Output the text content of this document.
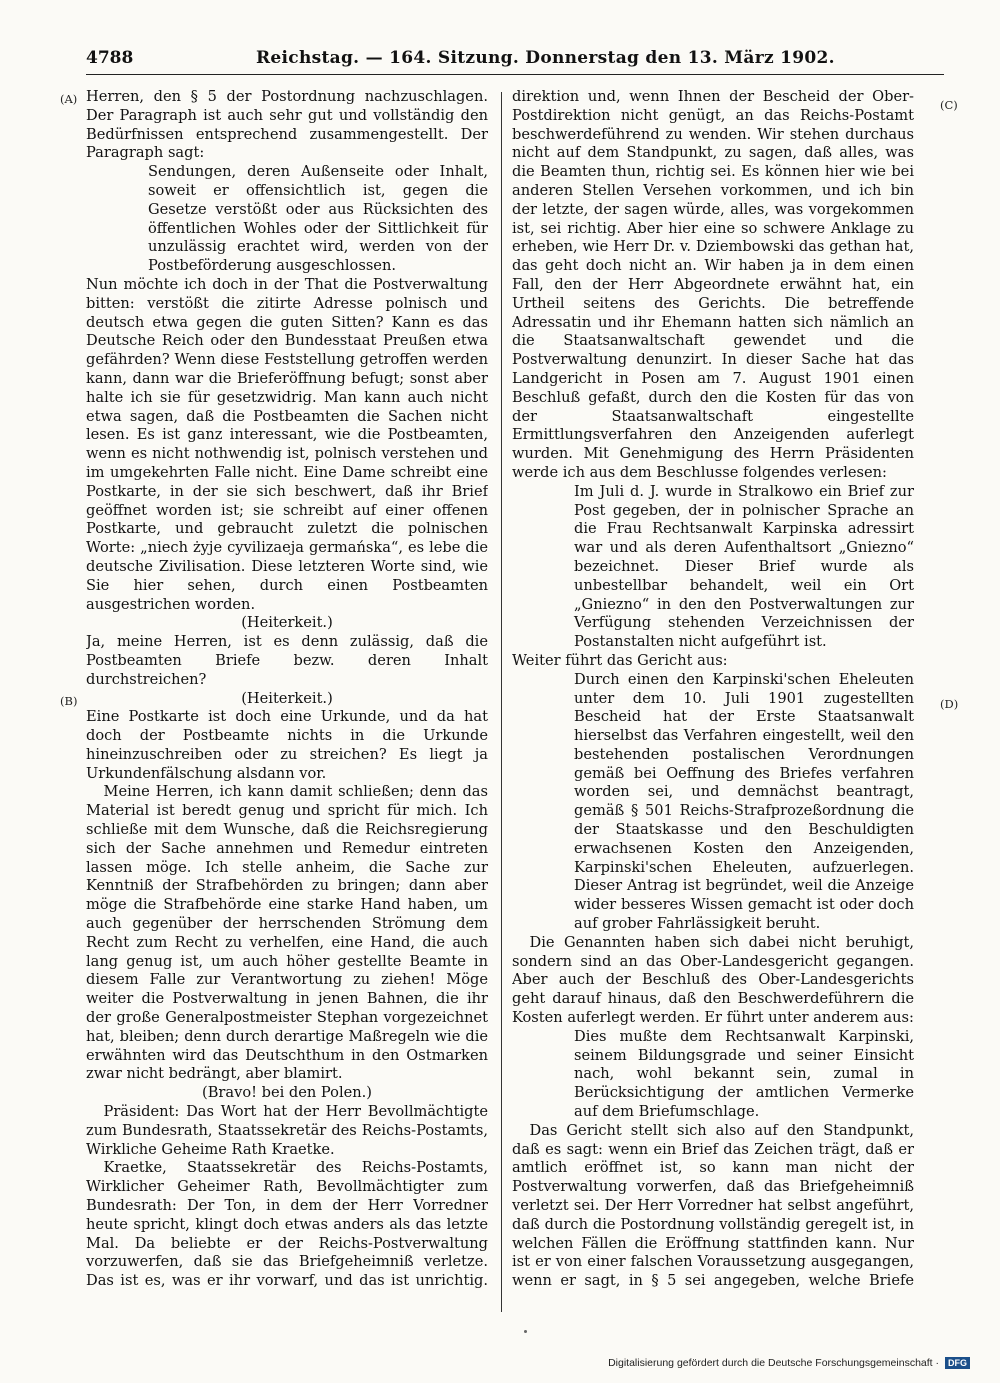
4788	Reichstag. — 164. Sitzung. Donnerstag den 13. März 1902.
(A)
(B)
(C)
(D)

Herren, den § 5 der Postordnung nachzuschlagen. Der Paragraph ist auch sehr gut und vollständig den Bedürfnissen entsprechend zusammengestellt. Der Paragraph sagt:

Sendungen, deren Außenseite oder Inhalt, soweit er offensichtlich ist, gegen die Gesetze verstößt oder aus Rücksichten des öffentlichen Wohles oder der Sittlichkeit für unzulässig erachtet wird, werden von der Postbeförderung ausgeschlossen.

Nun möchte ich doch in der That die Postverwaltung bitten: verstößt die zitirte Adresse polnisch und deutsch etwa gegen die guten Sitten? Kann es das Deutsche Reich oder den Bundesstaat Preußen etwa gefährden? Wenn diese Feststellung getroffen werden kann, dann war die Brieferöffnung befugt; sonst aber halte ich sie für gesetzwidrig. Man kann auch nicht etwa sagen, daß die Postbeamten die Sachen nicht lesen. Es ist ganz interessant, wie die Postbeamten, wenn es nicht nothwendig ist, polnisch verstehen und im umgekehrten Falle nicht. Eine Dame schreibt eine Postkarte, in der sie sich beschwert, daß ihr Brief geöffnet worden ist; sie schreibt auf einer offenen Postkarte, und gebraucht zuletzt die polnischen Worte: „niech żyje cyvilizaeja germańska“, es lebe die deutsche Zivilisation. Diese letzteren Worte sind, wie Sie hier sehen, durch einen Postbeamten ausgestrichen worden.

(Heiterkeit.)

Ja, meine Herren, ist es denn zulässig, daß die Postbeamten Briefe bezw. deren Inhalt durchstreichen?

(Heiterkeit.)

Eine Postkarte ist doch eine Urkunde, und da hat doch der Postbeamte nichts in die Urkunde hineinzuschreiben oder zu streichen? Es liegt ja Urkundenfälschung alsdann vor.

Meine Herren, ich kann damit schließen; denn das Material ist beredt genug und spricht für mich. Ich schließe mit dem Wunsche, daß die Reichsregierung sich der Sache annehmen und Remedur eintreten lassen möge. Ich stelle anheim, die Sache zur Kenntniß der Strafbehörden zu bringen; dann aber möge die Strafbehörde eine starke Hand haben, um auch gegenüber der herrschenden Strömung dem Recht zum Recht zu verhelfen, eine Hand, die auch lang genug ist, um auch höher gestellte Beamte in diesem Falle zur Verantwortung zu ziehen! Möge weiter die Postverwaltung in jenen Bahnen, die ihr der große Generalpostmeister Stephan vorgezeichnet hat, bleiben; denn durch derartige Maßregeln wie die erwähnten wird das Deutschthum in den Ostmarken zwar nicht bedrängt, aber blamirt.

(Bravo! bei den Polen.)

Präsident: Das Wort hat der Herr Bevollmächtigte zum Bundesrath, Staatssekretär des Reichs-Postamts, Wirkliche Geheime Rath Kraetke.

Kraetke, Staatssekretär des Reichs-Postamts, Wirklicher Geheimer Rath, Bevollmächtigter zum Bundesrath: Der Ton, in dem der Herr Vorredner heute spricht, klingt doch etwas anders als das letzte Mal. Da beliebte er der Reichs-Postverwaltung vorzuwerfen, daß sie das Briefgeheimniß verletze. Das ist es, was er ihr vorwarf, und das ist unrichtig.

direktion und, wenn Ihnen der Bescheid der Ober-Postdirektion nicht genügt, an das Reichs-Postamt beschwerdeführend zu wenden. Wir stehen durchaus nicht auf dem Standpunkt, zu sagen, daß alles, was die Beamten thun, richtig sei. Es können hier wie bei anderen Stellen Versehen vorkommen, und ich bin der letzte, der sagen würde, alles, was vorgekommen ist, sei richtig. Aber hier eine so schwere Anklage zu erheben, wie Herr Dr. v. Dziembowski das gethan hat, das geht doch nicht an. Wir haben ja in dem einen Fall, den der Herr Abgeordnete erwähnt hat, ein Urtheil seitens des Gerichts. Die betreffende Adressatin und ihr Ehemann hatten sich nämlich an die Staatsanwaltschaft gewendet und die Postverwaltung denunzirt. In dieser Sache hat das Landgericht in Posen am 7. August 1901 einen Beschluß gefaßt, durch den die Kosten für das von der Staatsanwaltschaft eingestellte Ermittlungsverfahren den Anzeigenden auferlegt wurden. Mit Genehmigung des Herrn Präsidenten werde ich aus dem Beschlusse folgendes verlesen:

Im Juli d. J. wurde in Stralkowo ein Brief zur Post gegeben, der in polnischer Sprache an die Frau Rechtsanwalt Karpinska adressirt war und als deren Aufenthaltsort „Gniezno“ bezeichnet. Dieser Brief wurde als unbestellbar behandelt, weil ein Ort „Gniezno“ in den den Postverwaltungen zur Verfügung stehenden Verzeichnissen der Postanstalten nicht aufgeführt ist.

Weiter führt das Gericht aus:

Durch einen den Karpinski'schen Eheleuten unter dem 10. Juli 1901 zugestellten Bescheid hat der Erste Staatsanwalt hierselbst das Verfahren eingestellt, weil den bestehenden postalischen Verordnungen gemäß bei Oeffnung des Briefes verfahren worden sei, und demnächst beantragt, gemäß § 501 Reichs-Strafprozeßordnung die der Staatskasse und den Beschuldigten erwachsenen Kosten den Anzeigenden, Karpinski'schen Eheleuten, aufzuerlegen. Dieser Antrag ist begründet, weil die Anzeige wider besseres Wissen gemacht ist oder doch auf grober Fahrlässigkeit beruht.

Die Genannten haben sich dabei nicht beruhigt, sondern sind an das Ober-Landesgericht gegangen. Aber auch der Beschluß des Ober-Landesgerichts geht darauf hinaus, daß den Beschwerdeführern die Kosten auferlegt werden. Er führt unter anderem aus:

Dies mußte dem Rechtsanwalt Karpinski, seinem Bildungsgrade und seiner Einsicht nach, wohl bekannt sein, zumal in Berücksichtigung der amtlichen Vermerke auf dem Briefumschlage.

Das Gericht stellt sich also auf den Standpunkt, daß es sagt: wenn ein Brief das Zeichen trägt, daß er amtlich eröffnet ist, so kann man nicht der Postverwaltung vorwerfen, daß das Briefgeheimniß verletzt sei. Der Herr Vorredner hat selbst angeführt, daß durch die Postordnung vollständig geregelt ist, in welchen Fällen die Eröffnung stattfinden kann. Nur ist er von einer falschen Voraussetzung ausgegangen, wenn er sagt, in § 5 sei angegeben, welche Briefe

Digitalisierung gefördert durch die Deutsche Forschungsgemeinschaft ·	DFG
